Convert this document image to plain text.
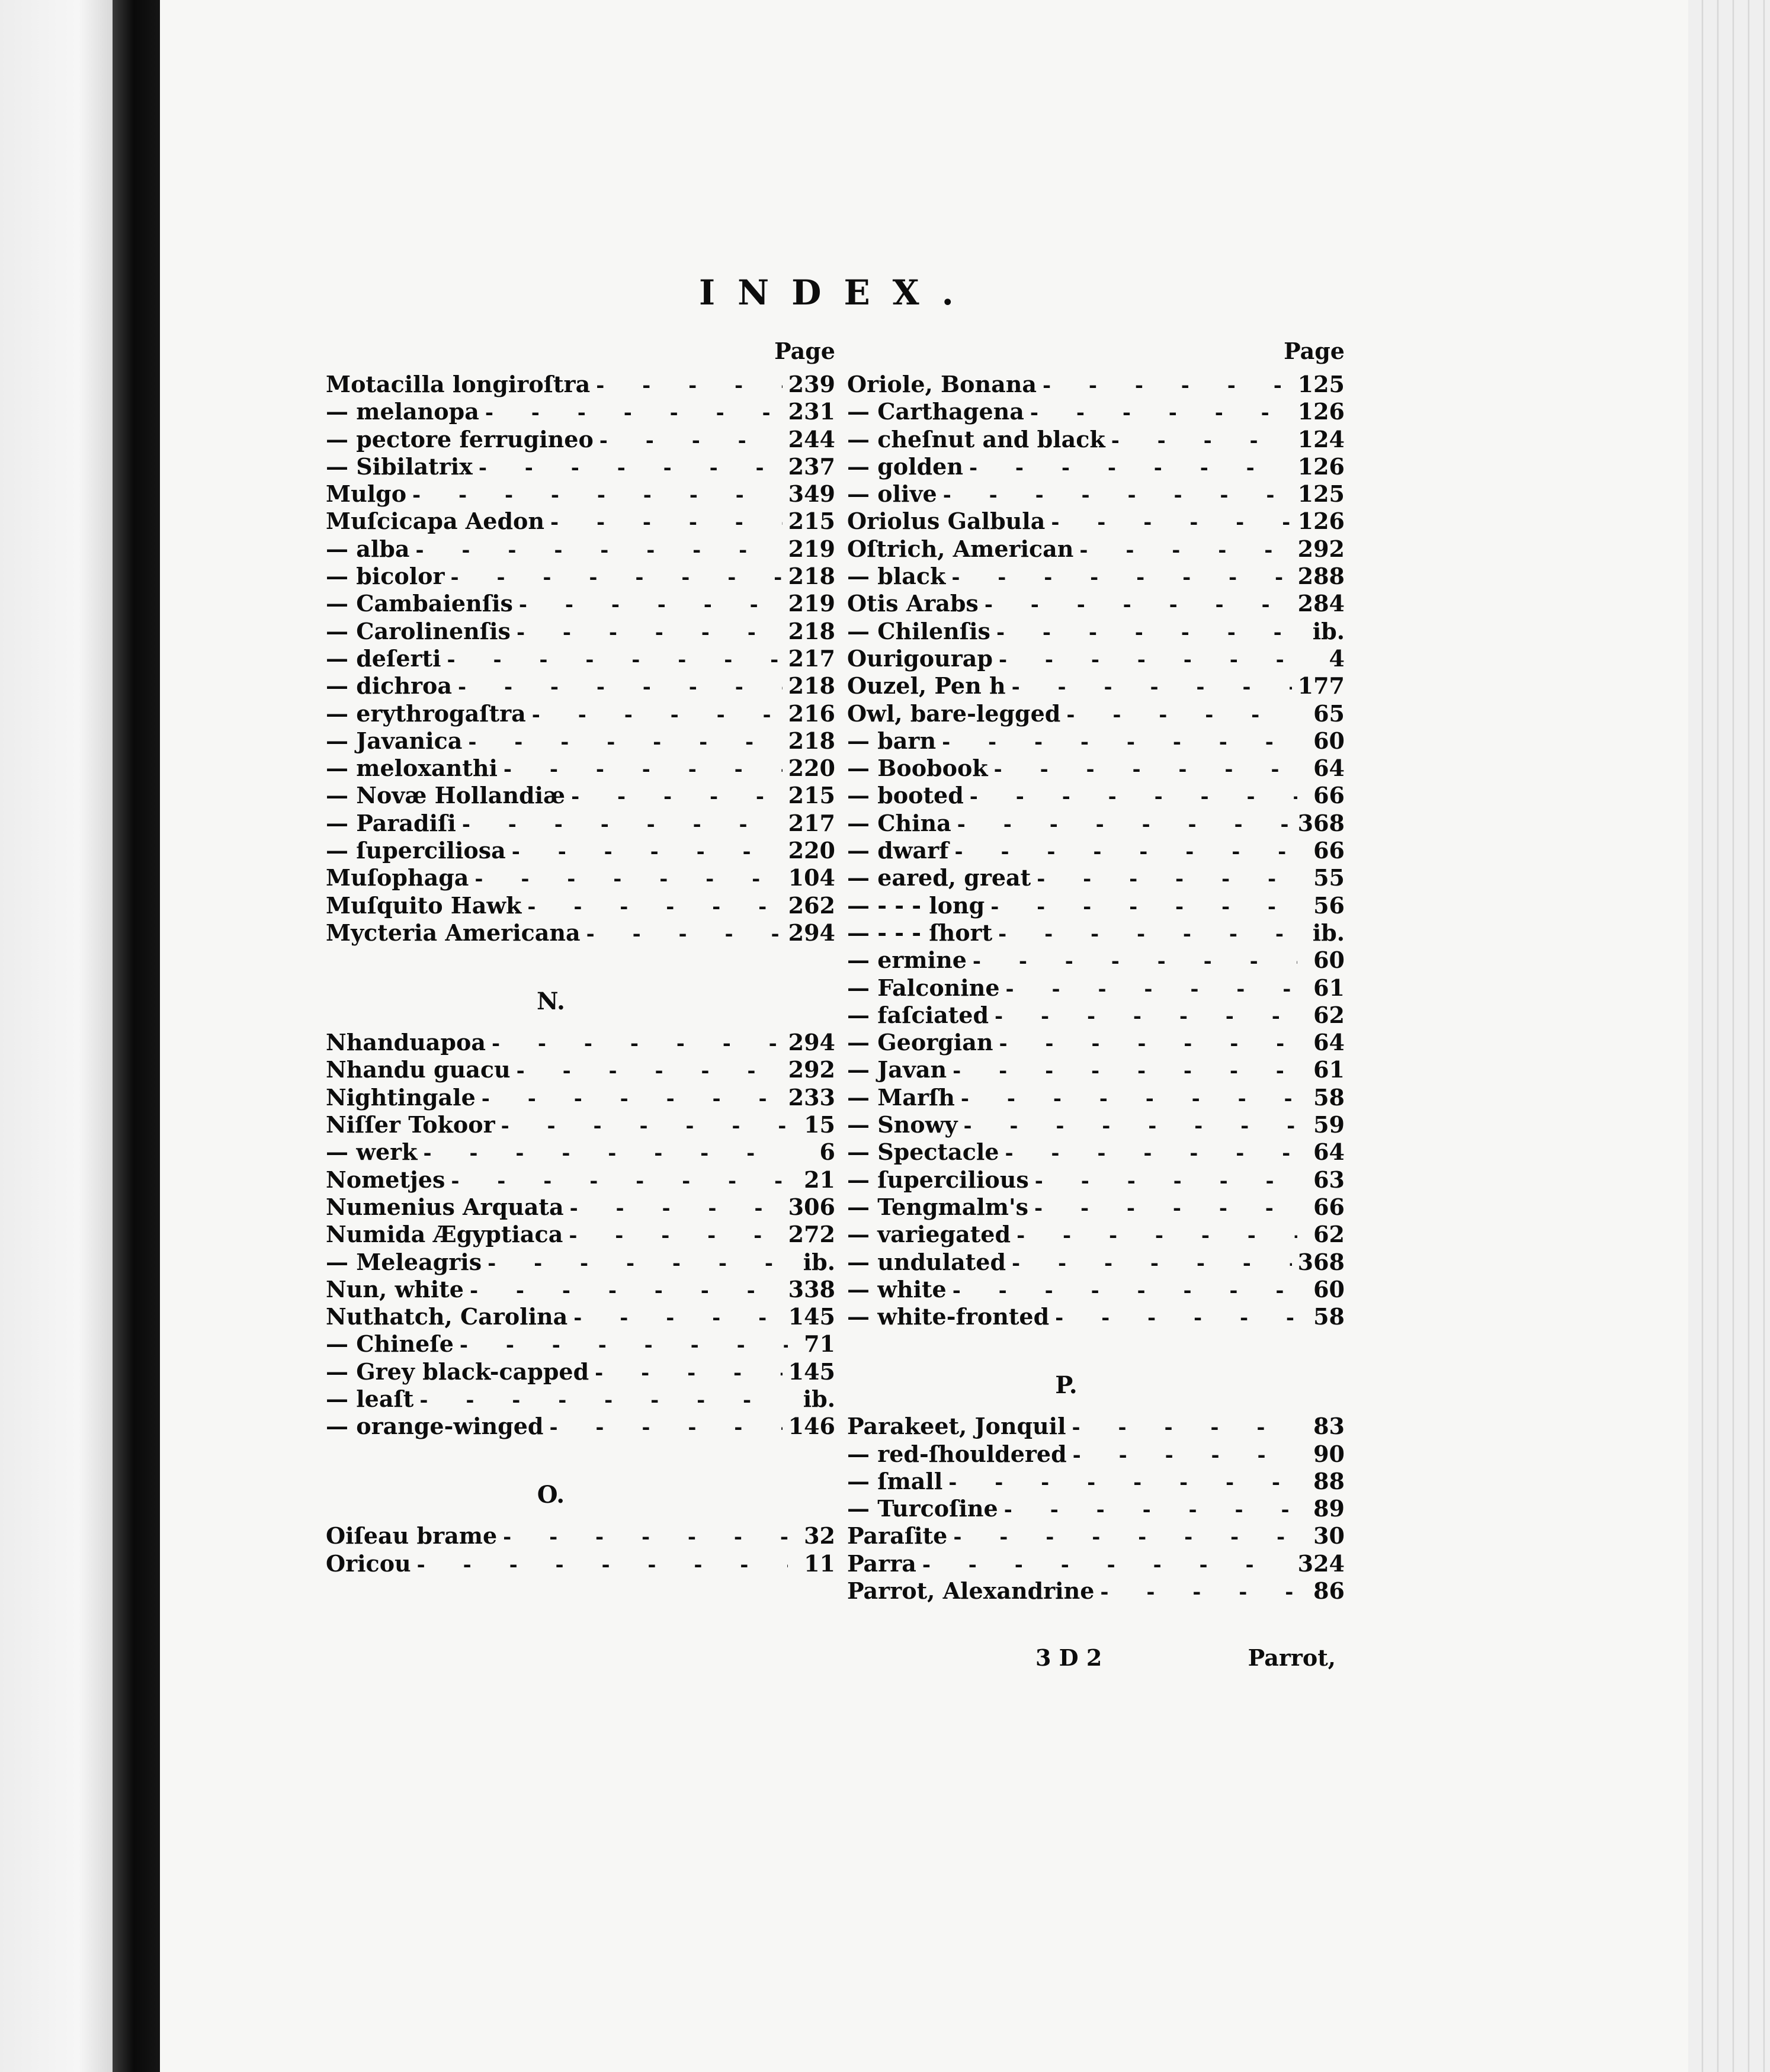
INDEX.
Page
Motacilla longiroſtra - - -	239
— melanopa - - -	231
— pectore ferrugineo - - -	244
— Sibilatrix - - -	237
Mulgo - - -	349
Muſcicapa Aedon - - -	215
— alba - - -	219
— bicolor - - -	218
— Cambaienſis - - -	219
— Carolinenſis - - -	218
— deſerti - - -	217
— dichroa - - -	218
— erythrogaſtra - - -	216
— Javanica - - -	218
— meloxanthi - - -	220
— Novæ Hollandiæ - - -	215
— Paradiſi - - -	217
— ſuperciliosa - - -	220
Muſophaga - - -	104
Muſquito Hawk - - -	262
Mycteria Americana - - -	294
N.
Nhanduapoa - - -	294
Nhandu guacu - - -	292
Nightingale - - -	233
Niſſer Tokoor - - -	15
— werk - - -	6
Nometjes - - -	21
Numenius Arquata - - -	306
Numida Ægyptiaca - - -	272
— Meleagris - - -	ib.
Nun, white - - -	338
Nuthatch, Carolina - - -	145
— Chineſe - - -	71
— Grey black-capped - - -	145
— leaſt - - -	ib.
— orange-winged - - -	146
O.
Oiſeau brame - - -	32
Oricou - - -	11
Page
Oriole, Bonana - - -	125
— Carthagena - - -	126
— cheſnut and black - - -	124
— golden - - -	126
— olive - - -	125
Oriolus Galbula - - -	126
Oſtrich, American - - -	292
— black - - -	288
Otis Arabs - - -	284
— Chilenſis - - -	ib.
Ourigourap - - -	4
Ouzel, Pen h - - -	177
Owl, bare-legged - - -	65
— barn - - -	60
— Boobook - - -	64
— booted - - -	66
— China - - -	368
— dwarf - - -	66
— eared, great - - -	55
— - - - long - - -	56
— - - - ſhort - - -	ib.
— ermine - - -	60
— Falconine - - -	61
— faſciated - - -	62
— Georgian - - -	64
— Javan - - -	61
— Marſh - - -	58
— Snowy - - -	59
— Spectacle - - -	64
— ſupercilious - - -	63
— Tengmalm's - - -	66
— variegated - - -	62
— undulated - - -	368
— white - - -	60
— white-fronted - - -	58
P.
Parakeet, Jonquil - - -	83
— red-ſhouldered - - -	90
— ſmall - - -	88
— Turcoſine - - -	89
Paraſite - - -	30
Parra - - -	324
Parrot, Alexandrine - - -	86
3 D 2	Parrot,
